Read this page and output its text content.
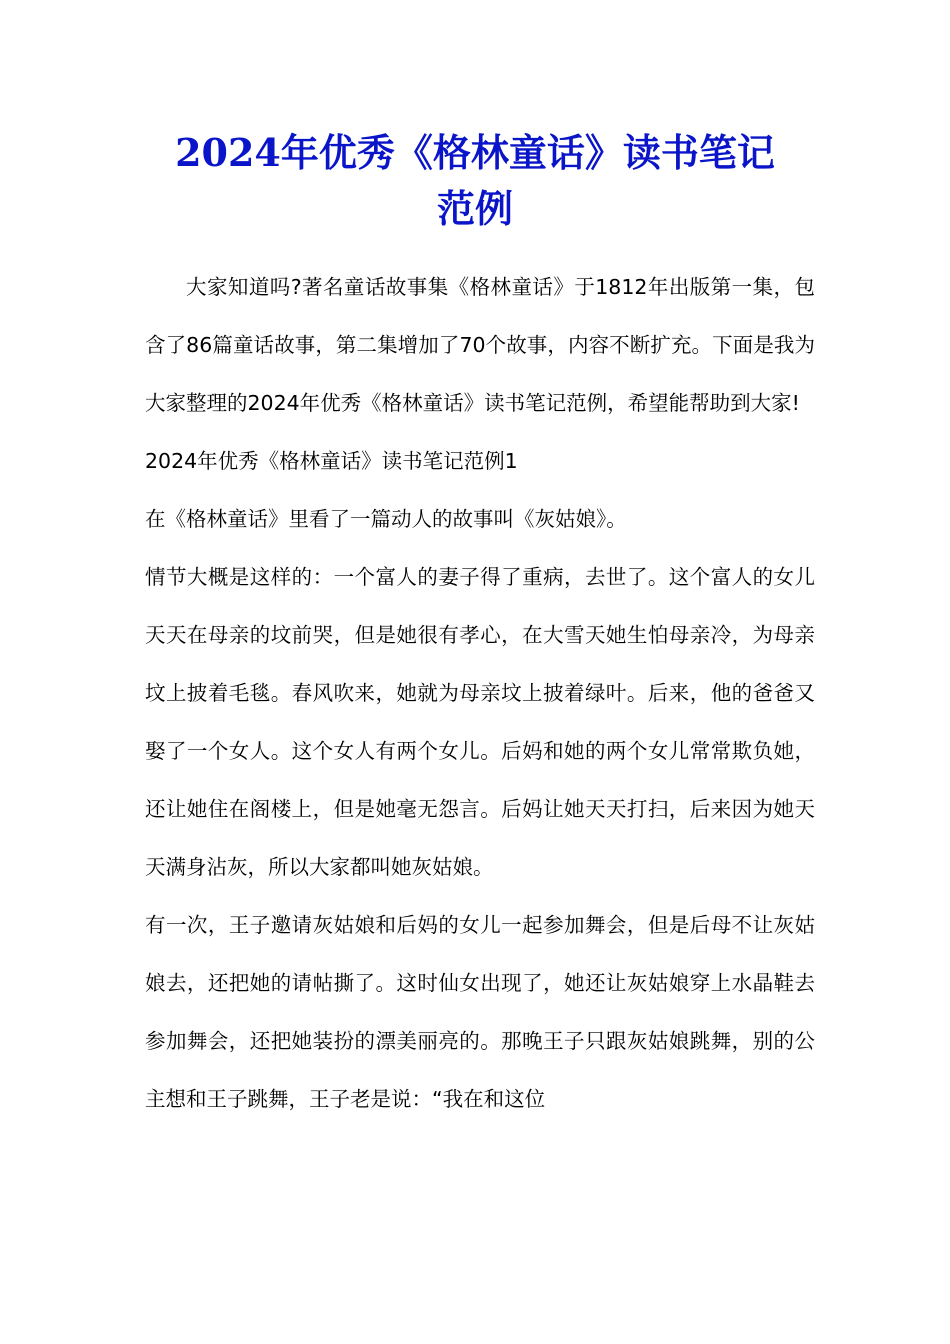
2024年优秀《格林童话》读书笔记
范例

大家知道吗?著名童话故事集《格林童话》于1812年出版第一集，包含了86篇童话故事，第二集增加了70个故事，内容不断扩充。下面是我为大家整理的2024年优秀《格林童话》读书笔记范例，希望能帮助到大家!

2024年优秀《格林童话》读书笔记范例1

在《格林童话》里看了一篇动人的故事叫《灰姑娘》。

情节大概是这样的：一个富人的妻子得了重病，去世了。这个富人的女儿天天在母亲的坟前哭，但是她很有孝心，在大雪天她生怕母亲冷，为母亲坟上披着毛毯。春风吹来，她就为母亲坟上披着绿叶。后来，他的爸爸又娶了一个女人。这个女人有两个女儿。后妈和她的两个女儿常常欺负她，还让她住在阁楼上，但是她毫无怨言。后妈让她天天打扫，后来因为她天天满身沾灰，所以大家都叫她灰姑娘。

有一次，王子邀请灰姑娘和后妈的女儿一起参加舞会，但是后母不让灰姑娘去，还把她的请帖撕了。这时仙女出现了，她还让灰姑娘穿上水晶鞋去参加舞会，还把她装扮的漂美丽亮的。那晚王子只跟灰姑娘跳舞，别的公主想和王子跳舞，王子老是说：“我在和这位
